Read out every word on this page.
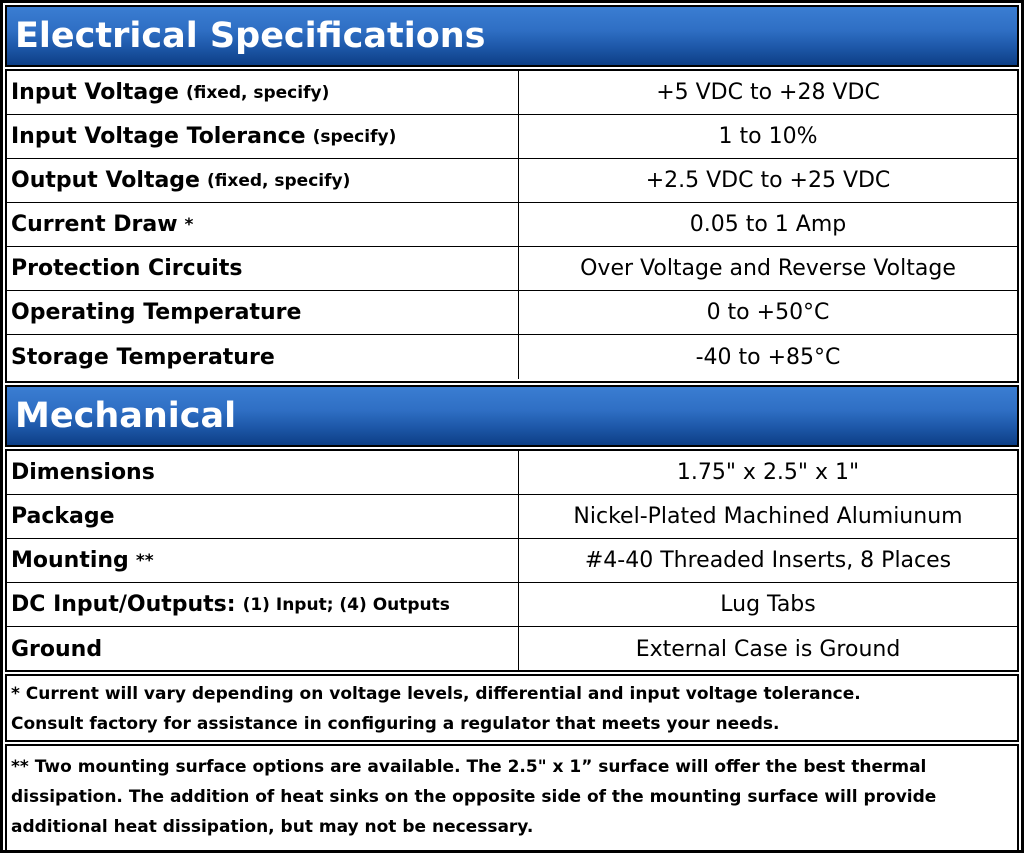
Electrical Specifications
Input Voltage (fixed, specify)	+5 VDC to +28 VDC
Input Voltage Tolerance (specify)	1 to 10%
Output Voltage (fixed, specify)	+2.5 VDC to +25 VDC
Current Draw *	0.05 to 1 Amp
Protection Circuits	Over Voltage and Reverse Voltage
Operating Temperature	0 to +50°C
Storage Temperature	-40 to +85°C
Mechanical
Dimensions	1.75" x 2.5" x 1"
Package	Nickel-Plated Machined Alumiunum
Mounting **	#4-40 Threaded Inserts, 8 Places
DC Input/Outputs: (1) Input; (4) Outputs	Lug Tabs
Ground	External Case is Ground
* Current will vary depending on voltage levels, differential and input voltage tolerance.
Consult factory for assistance in configuring a regulator that meets your needs.
** Two mounting surface options are available. The 2.5" x 1” surface will offer the best thermal
dissipation. The addition of heat sinks on the opposite side of the mounting surface will provide
additional heat dissipation, but may not be necessary.
